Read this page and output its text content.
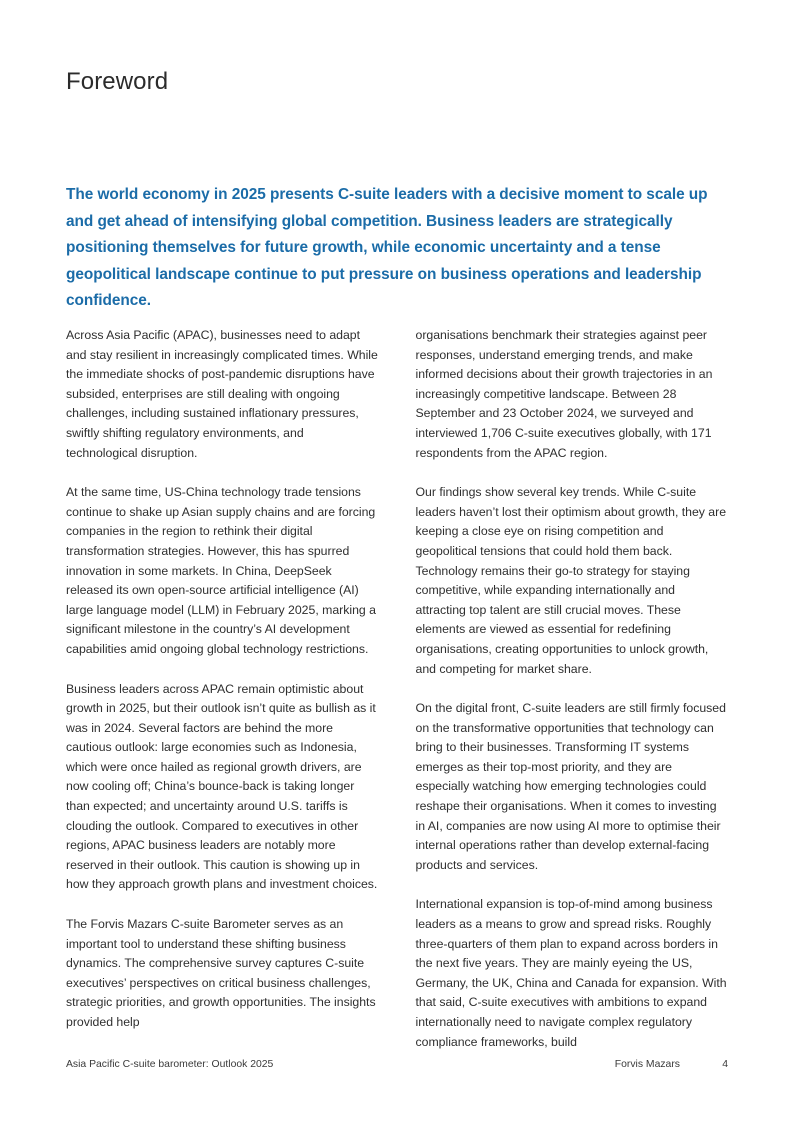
Foreword
The world economy in 2025 presents C-suite leaders with a decisive moment to scale up and get ahead of intensifying global competition. Business leaders are strategically positioning themselves for future growth, while economic uncertainty and a tense geopolitical landscape continue to put pressure on business operations and leadership confidence.

Across Asia Pacific (APAC), businesses need to adapt and stay resilient in increasingly complicated times. While the immediate shocks of post-pandemic disruptions have subsided, enterprises are still dealing with ongoing challenges, including sustained inflationary pressures, swiftly shifting regulatory environments, and technological disruption.

At the same time, US-China technology trade tensions continue to shake up Asian supply chains and are forcing companies in the region to rethink their digital transformation strategies. However, this has spurred innovation in some markets. In China, DeepSeek released its own open-source artificial intelligence (AI) large language model (LLM) in February 2025, marking a significant milestone in the country’s AI development capabilities amid ongoing global technology restrictions.

Business leaders across APAC remain optimistic about growth in 2025, but their outlook isn’t quite as bullish as it was in 2024. Several factors are behind the more cautious outlook: large economies such as Indonesia, which were once hailed as regional growth drivers, are now cooling off; China’s bounce-back is taking longer than expected; and uncertainty around U.S. tariffs is clouding the outlook. Compared to executives in other regions, APAC business leaders are notably more reserved in their outlook. This caution is showing up in how they approach growth plans and investment choices.

The Forvis Mazars C-suite Barometer serves as an important tool to understand these shifting business dynamics. The comprehensive survey captures C-suite executives’ perspectives on critical business challenges, strategic priorities, and growth opportunities. The insights provided help

organisations benchmark their strategies against peer responses, understand emerging trends, and make informed decisions about their growth trajectories in an increasingly competitive landscape. Between 28 September and 23 October 2024, we surveyed and interviewed 1,706 C-suite executives globally, with 171 respondents from the APAC region.

Our findings show several key trends. While C-suite leaders haven’t lost their optimism about growth, they are keeping a close eye on rising competition and geopolitical tensions that could hold them back. Technology remains their go-to strategy for staying competitive, while expanding internationally and attracting top talent are still crucial moves. These elements are viewed as essential for redefining organisations, creating opportunities to unlock growth, and competing for market share.

On the digital front, C-suite leaders are still firmly focused on the transformative opportunities that technology can bring to their businesses. Transforming IT systems emerges as their top-most priority, and they are especially watching how emerging technologies could reshape their organisations. When it comes to investing in AI, companies are now using AI more to optimise their internal operations rather than develop external-facing products and services.

International expansion is top-of-mind among business leaders as a means to grow and spread risks. Roughly three-quarters of them plan to expand across borders in the next five years. They are mainly eyeing the US, Germany, the UK, China and Canada for expansion. With that said, C-suite executives with ambitions to expand internationally need to navigate complex regulatory compliance frameworks, build

Asia Pacific C-suite barometer: Outlook 2025	Forvis Mazars	4
